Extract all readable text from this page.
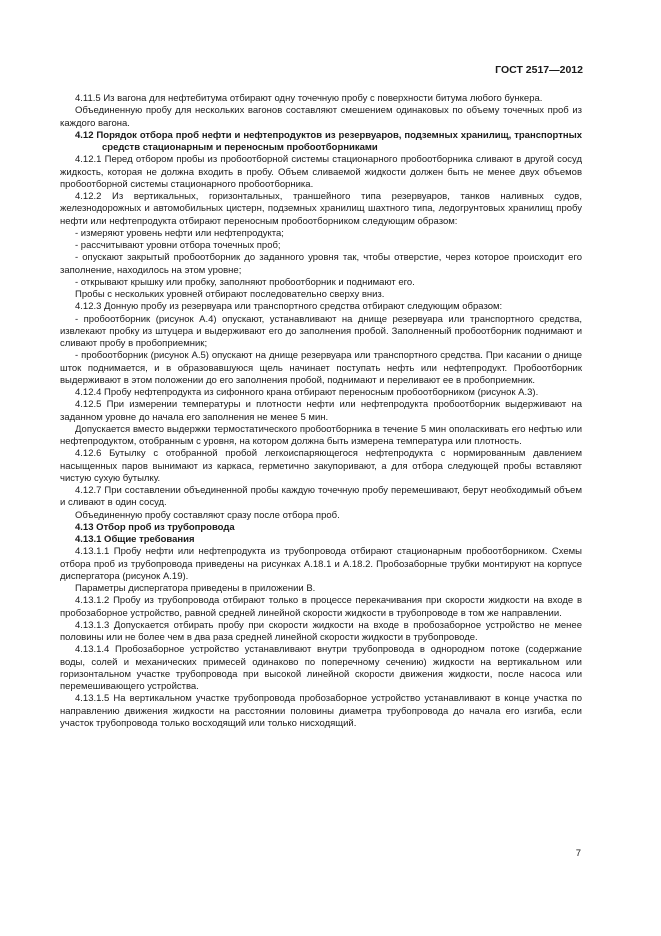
ГОСТ 2517—2012

4.11.5 Из вагона для нефтебитума отбирают одну точечную пробу с поверхности битума любого бункера.

Объединенную пробу для нескольких вагонов составляют смешением одинаковых по объему точечных проб из каждого вагона.

4.12 Порядок отбора проб нефти и нефтепродуктов из резервуаров, подземных хранилищ, транспортных средств стационарным и переносным пробоотборниками

4.12.1 Перед отбором пробы из пробоотборной системы стационарного пробоотборника сливают в другой сосуд жидкость, которая не должна входить в пробу. Объем сливаемой жидкости должен быть не менее двух объемов пробоотборной системы стационарного пробоотборника.

4.12.2 Из вертикальных, горизонтальных, траншейного типа резервуаров, танков наливных судов, железнодорожных и автомобильных цистерн, подземных хранилищ шахтного типа, ледогрунтовых хранилищ пробу нефти или нефтепродукта отбирают переносным пробоотборником следующим образом:

- измеряют уровень нефти или нефтепродукта;

- рассчитывают уровни отбора точечных проб;

- опускают закрытый пробоотборник до заданного уровня так, чтобы отверстие, через которое происходит его заполнение, находилось на этом уровне;

- открывают крышку или пробку, заполняют пробоотборник и поднимают его.

Пробы с нескольких уровней отбирают последовательно сверху вниз.

4.12.3 Донную пробу из резервуара или транспортного средства отбирают следующим образом:

- пробоотборник (рисунок А.4) опускают, устанавливают на днище резервуара или транспортного средства, извлекают пробку из штуцера и выдерживают его до заполнения пробой. Заполненный пробоотборник поднимают и сливают пробу в пробоприемник;

- пробоотборник (рисунок А.5) опускают на днище резервуара или транспортного средства. При касании о днище шток поднимается, и в образовавшуюся щель начинает поступать нефть или нефтепродукт. Пробоотборник выдерживают в этом положении до его заполнения пробой, поднимают и переливают ее в пробоприемник.

4.12.4 Пробу нефтепродукта из сифонного крана отбирают переносным пробоотборником (рисунок А.3).

4.12.5 При измерении температуры и плотности нефти или нефтепродукта пробоотборник выдерживают на заданном уровне до начала его заполнения не менее 5 мин.

Допускается вместо выдержки термостатического пробоотборника в течение 5 мин ополаскивать его нефтью или нефтепродуктом, отобранным с уровня, на котором должна быть измерена температура или плотность.

4.12.6 Бутылку с отобранной пробой легкоиспаряющегося нефтепродукта с нормированным давлением насыщенных паров вынимают из каркаса, герметично закупоривают, а для отбора следующей пробы вставляют чистую сухую бутылку.

4.12.7 При составлении объединенной пробы каждую точечную пробу перемешивают, берут необходимый объем и сливают в один сосуд.

Объединенную пробу составляют сразу после отбора проб.

4.13 Отбор проб из трубопровода

4.13.1 Общие требования

4.13.1.1 Пробу нефти или нефтепродукта из трубопровода отбирают стационарным пробоотборником. Схемы отбора проб из трубопровода приведены на рисунках А.18.1 и А.18.2. Пробозаборные трубки монтируют на корпусе диспергатора (рисунок А.19).

Параметры диспергатора приведены в приложении В.

4.13.1.2 Пробу из трубопровода отбирают только в процессе перекачивания при скорости жидкости на входе в пробозаборное устройство, равной средней линейной скорости жидкости в трубопроводе в том же направлении.

4.13.1.3 Допускается отбирать пробу при скорости жидкости на входе в пробозаборное устройство не менее половины или не более чем в два раза средней линейной скорости жидкости в трубопроводе.

4.13.1.4 Пробозаборное устройство устанавливают внутри трубопровода в однородном потоке (содержание воды, солей и механических примесей одинаково по поперечному сечению) жидкости на вертикальном или горизонтальном участке трубопровода при высокой линейной скорости движения жидкости, после насоса или перемешивающего устройства.

4.13.1.5 На вертикальном участке трубопровода пробозаборное устройство устанавливают в конце участка по направлению движения жидкости на расстоянии половины диаметра трубопровода до начала его изгиба, если участок трубопровода только восходящий или только нисходящий.

7
